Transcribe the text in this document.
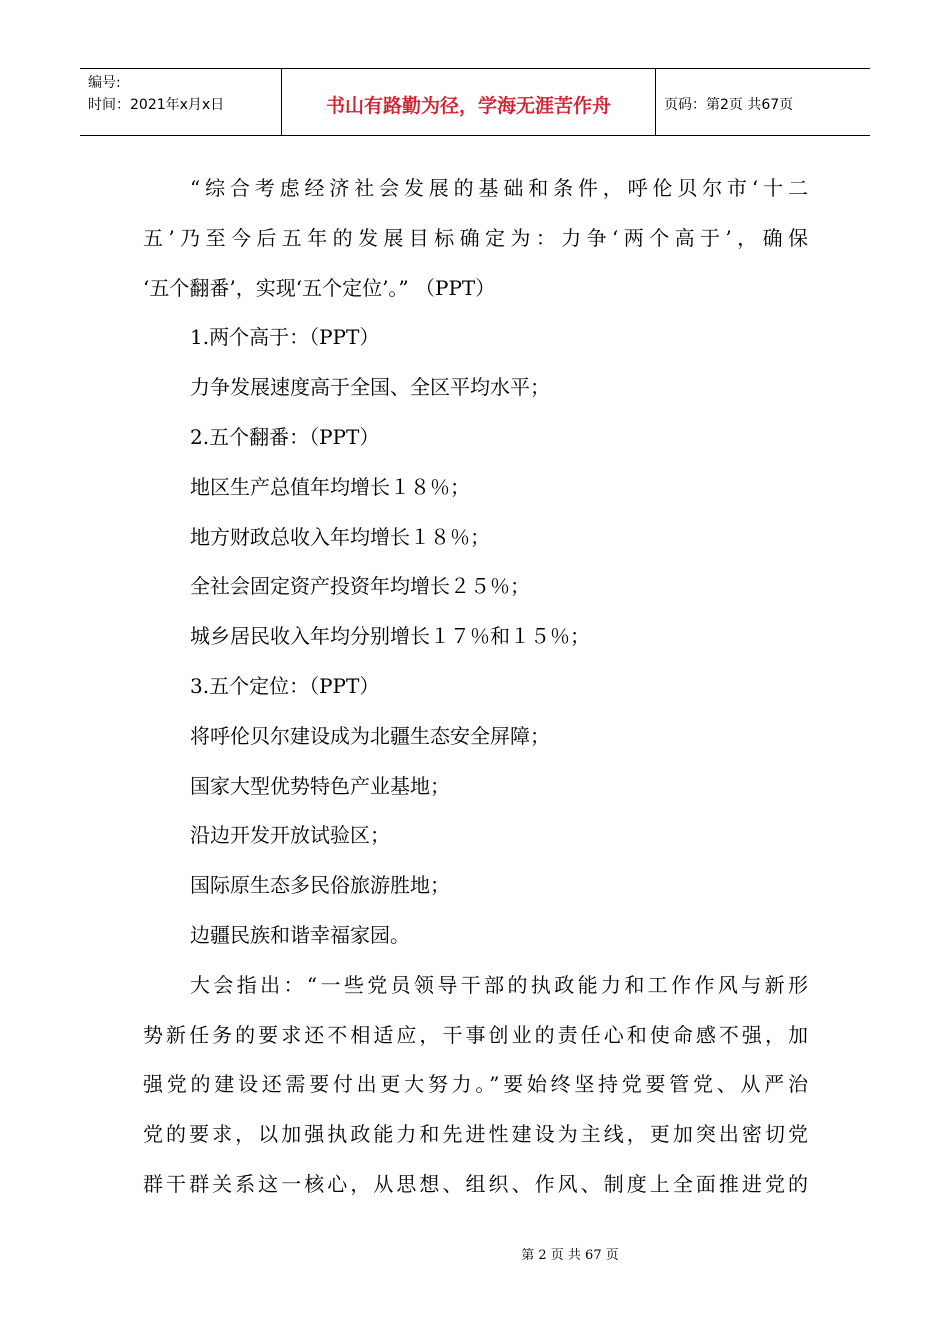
编号:
时间：2021年x月x日	书山有路勤为径，学海无涯苦作舟	页码：第2页 共67页
“综合考虑经济社会发展的基础和条件，呼伦贝尔市‘十二
五’乃至今后五年的发展目标确定为：力争‘两个高于’，确保
‘五个翻番’，实现‘五个定位’。” （PPT）
1.两个高于：（PPT）
力争发展速度高于全国、全区平均水平；
2.五个翻番：（PPT）
地区生产总值年均增长１８％；
地方财政总收入年均增长１８％；
全社会固定资产投资年均增长２５％；
城乡居民收入年均分别增长１７％和１５％；
3.五个定位：（PPT）
将呼伦贝尔建设成为北疆生态安全屏障；
国家大型优势特色产业基地；
沿边开发开放试验区；
国际原生态多民俗旅游胜地；
边疆民族和谐幸福家园。
大会指出：“一些党员领导干部的执政能力和工作作风与新形
势新任务的要求还不相适应，干事创业的责任心和使命感不强，加
强党的建设还需要付出更大努力。”要始终坚持党要管党、从严治
党的要求，以加强执政能力和先进性建设为主线，更加突出密切党
群干群关系这一核心，从思想、组织、作风、制度上全面推进党的
第 2 页 共 67 页
